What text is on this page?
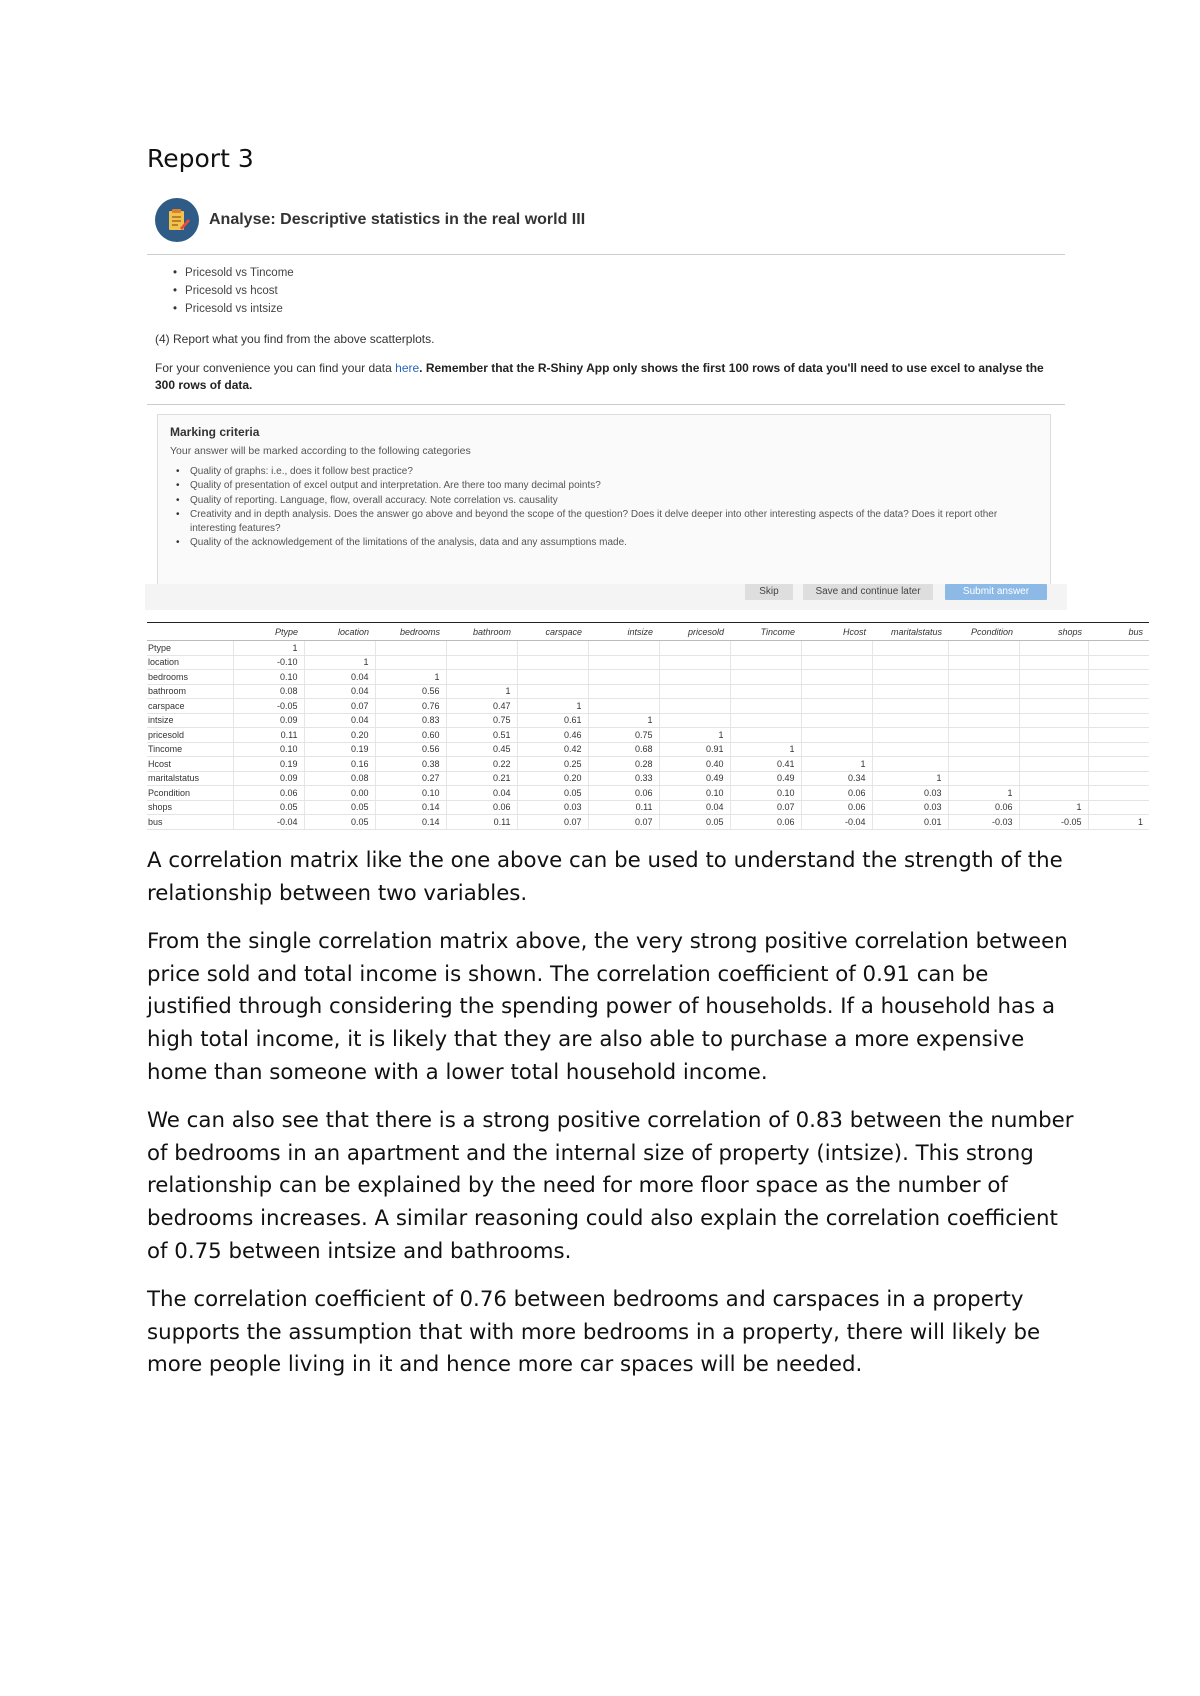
Report 3
Analyse: Descriptive statistics in the real world III
• Pricesold vs Tincome
• Pricesold vs hcost
• Pricesold vs intsize
(4) Report what you find from the above scatterplots.
For your convenience you can find your data here. Remember that the R-Shiny App only shows the first 100 rows of data you'll need to use excel to analyse the 300 rows of data.
Marking criteria
Your answer will be marked according to the following categories
• Quality of graphs: i.e., does it follow best practice?
• Quality of presentation of excel output and interpretation. Are there too many decimal points?
• Quality of reporting. Language, flow, overall accuracy. Note correlation vs. causality
• Creativity and in depth analysis. Does the answer go above and beyond the scope of the question? Does it delve deeper into other interesting aspects of the data? Does it report other interesting features?
• Quality of the acknowledgement of the limitations of the analysis, data and any assumptions made.
Skip	Save and continue later	Submit answer
	Ptype	location	bedrooms	bathroom	carspace	intsize	pricesold	Tincome	Hcost	maritalstatus	Pcondition	shops	bus
Ptype	1												
location	-0.10	1											
bedrooms	0.10	0.04	1										
bathroom	0.08	0.04	0.56	1									
carspace	-0.05	0.07	0.76	0.47	1								
intsize	0.09	0.04	0.83	0.75	0.61	1							
pricesold	0.11	0.20	0.60	0.51	0.46	0.75	1						
Tincome	0.10	0.19	0.56	0.45	0.42	0.68	0.91	1					
Hcost	0.19	0.16	0.38	0.22	0.25	0.28	0.40	0.41	1				
maritalstatus	0.09	0.08	0.27	0.21	0.20	0.33	0.49	0.49	0.34	1			
Pcondition	0.06	0.00	0.10	0.04	0.05	0.06	0.10	0.10	0.06	0.03	1		
shops	0.05	0.05	0.14	0.06	0.03	0.11	0.04	0.07	0.06	0.03	0.06	1	
bus	-0.04	0.05	0.14	0.11	0.07	0.07	0.05	0.06	-0.04	0.01	-0.03	-0.05	1

A correlation matrix like the one above can be used to understand the strength of the relationship between two variables.

From the single correlation matrix above, the very strong positive correlation between price sold and total income is shown. The correlation coefficient of 0.91 can be justified through considering the spending power of households. If a household has a high total income, it is likely that they are also able to purchase a more expensive home than someone with a lower total household income.

We can also see that there is a strong positive correlation of 0.83 between the number of bedrooms in an apartment and the internal size of property (intsize). This strong relationship can be explained by the need for more floor space as the number of bedrooms increases. A similar reasoning could also explain the correlation coefficient of 0.75 between intsize and bathrooms.

The correlation coefficient of 0.76 between bedrooms and carspaces in a property supports the assumption that with more bedrooms in a property, there will likely be more people living in it and hence more car spaces will be needed.
